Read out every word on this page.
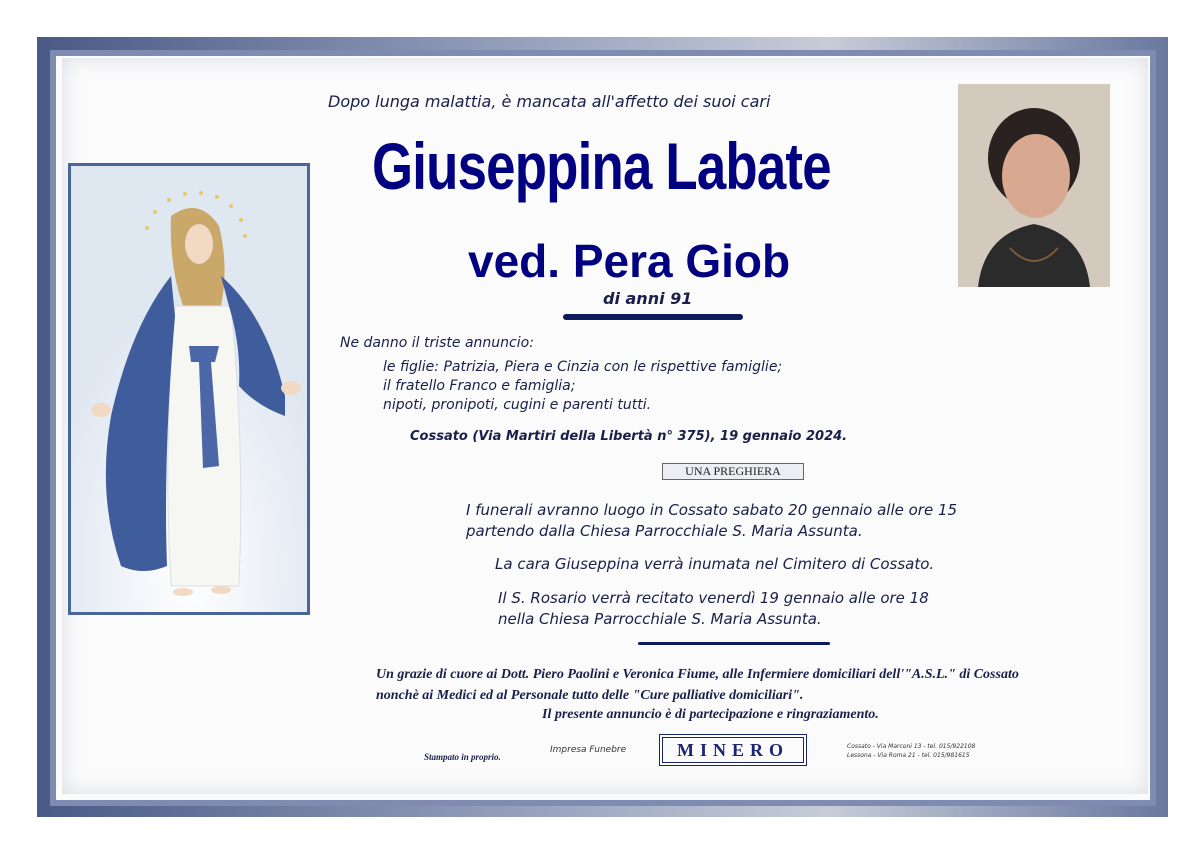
Dopo lunga malattia, è mancata all'affetto dei suoi cari
Giuseppina Labate
ved. Pera Giob
di anni 91
Ne danno il triste annuncio:
le figlie: Patrizia, Piera e Cinzia con le rispettive famiglie;
il fratello Franco e famiglia;
nipoti, pronipoti, cugini e parenti tutti.
Cossato (Via Martiri della Libertà n° 375), 19 gennaio 2024.
UNA PREGHIERA
I funerali avranno luogo in Cossato sabato 20 gennaio alle ore 15
partendo dalla Chiesa Parrocchiale S. Maria Assunta.
La cara Giuseppina verrà inumata nel Cimitero di Cossato.
Il S. Rosario verrà recitato venerdì 19 gennaio alle ore 18
nella Chiesa Parrocchiale S. Maria Assunta.
Un grazie di cuore ai Dott. Piero Paolini e Veronica Fiume, alle Infermiere domiciliari dell'"A.S.L." di Cossato
nonchè ai Medici ed al Personale tutto delle "Cure palliative domiciliari".
Il presente annuncio è di partecipazione e ringraziamento.
Stampato in proprio.
Impresa Funebre	MINERO	Cossato - Via Marconi 13 - tel. 015/922108
Lessona - Via Roma 21 - tel. 015/981615
